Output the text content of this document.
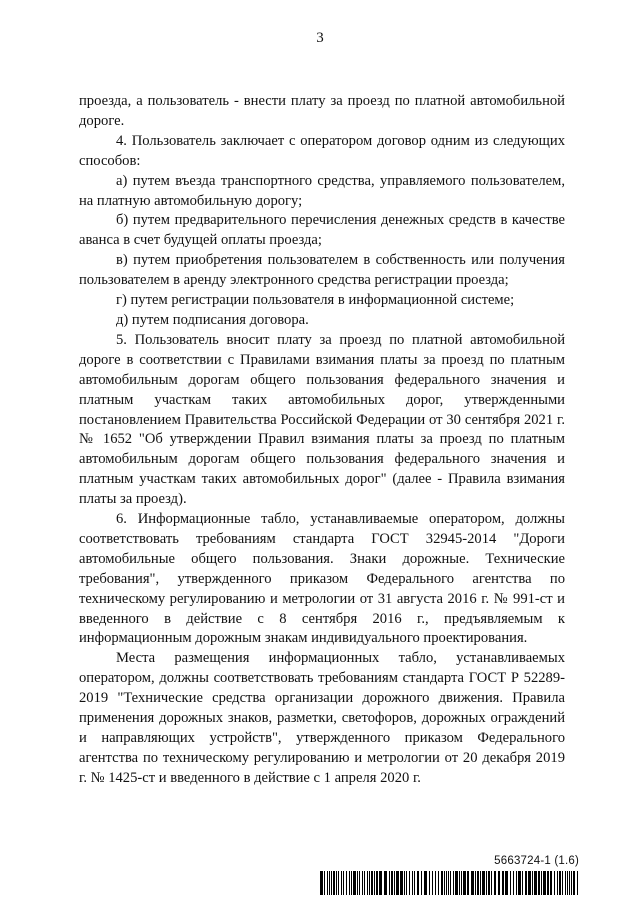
3

проезда, а пользователь - внести плату за проезд по платной автомобильной дороге.

4. Пользователь заключает с оператором договор одним из следующих способов:

а) путем въезда транспортного средства, управляемого пользователем, на платную автомобильную дорогу;

б) путем предварительного перечисления денежных средств в качестве аванса в счет будущей оплаты проезда;

в) путем приобретения пользователем в собственность или получения пользователем в аренду электронного средства регистрации проезда;

г) путем регистрации пользователя в информационной системе;

д) путем подписания договора.

5. Пользователь вносит плату за проезд по платной автомобильной дороге в соответствии с Правилами взимания платы за проезд по платным автомобильным дорогам общего пользования федерального значения и платным участкам таких автомобильных дорог, утвержденными постановлением Правительства Российской Федерации от 30 сентября 2021 г. № 1652 "Об утверждении Правил взимания платы за проезд по платным автомобильным дорогам общего пользования федерального значения и платным участкам таких автомобильных дорог" (далее - Правила взимания платы за проезд).

6. Информационные табло, устанавливаемые оператором, должны соответствовать требованиям стандарта ГОСТ 32945-2014 "Дороги автомобильные общего пользования. Знаки дорожные. Технические требования", утвержденного приказом Федерального агентства по техническому регулированию и метрологии от 31 августа 2016 г. № 991-ст и введенного в действие с 8 сентября 2016 г., предъявляемым к информационным дорожным знакам индивидуального проектирования.

Места размещения информационных табло, устанавливаемых оператором, должны соответствовать требованиям стандарта ГОСТ Р 52289-2019 "Технические средства организации дорожного движения. Правила применения дорожных знаков, разметки, светофоров, дорожных ограждений и направляющих устройств", утвержденного приказом Федерального агентства по техническому регулированию и метрологии от 20 декабря 2019 г. № 1425-ст и введенного в действие с 1 апреля 2020 г.

5663724-1 (1.6)
